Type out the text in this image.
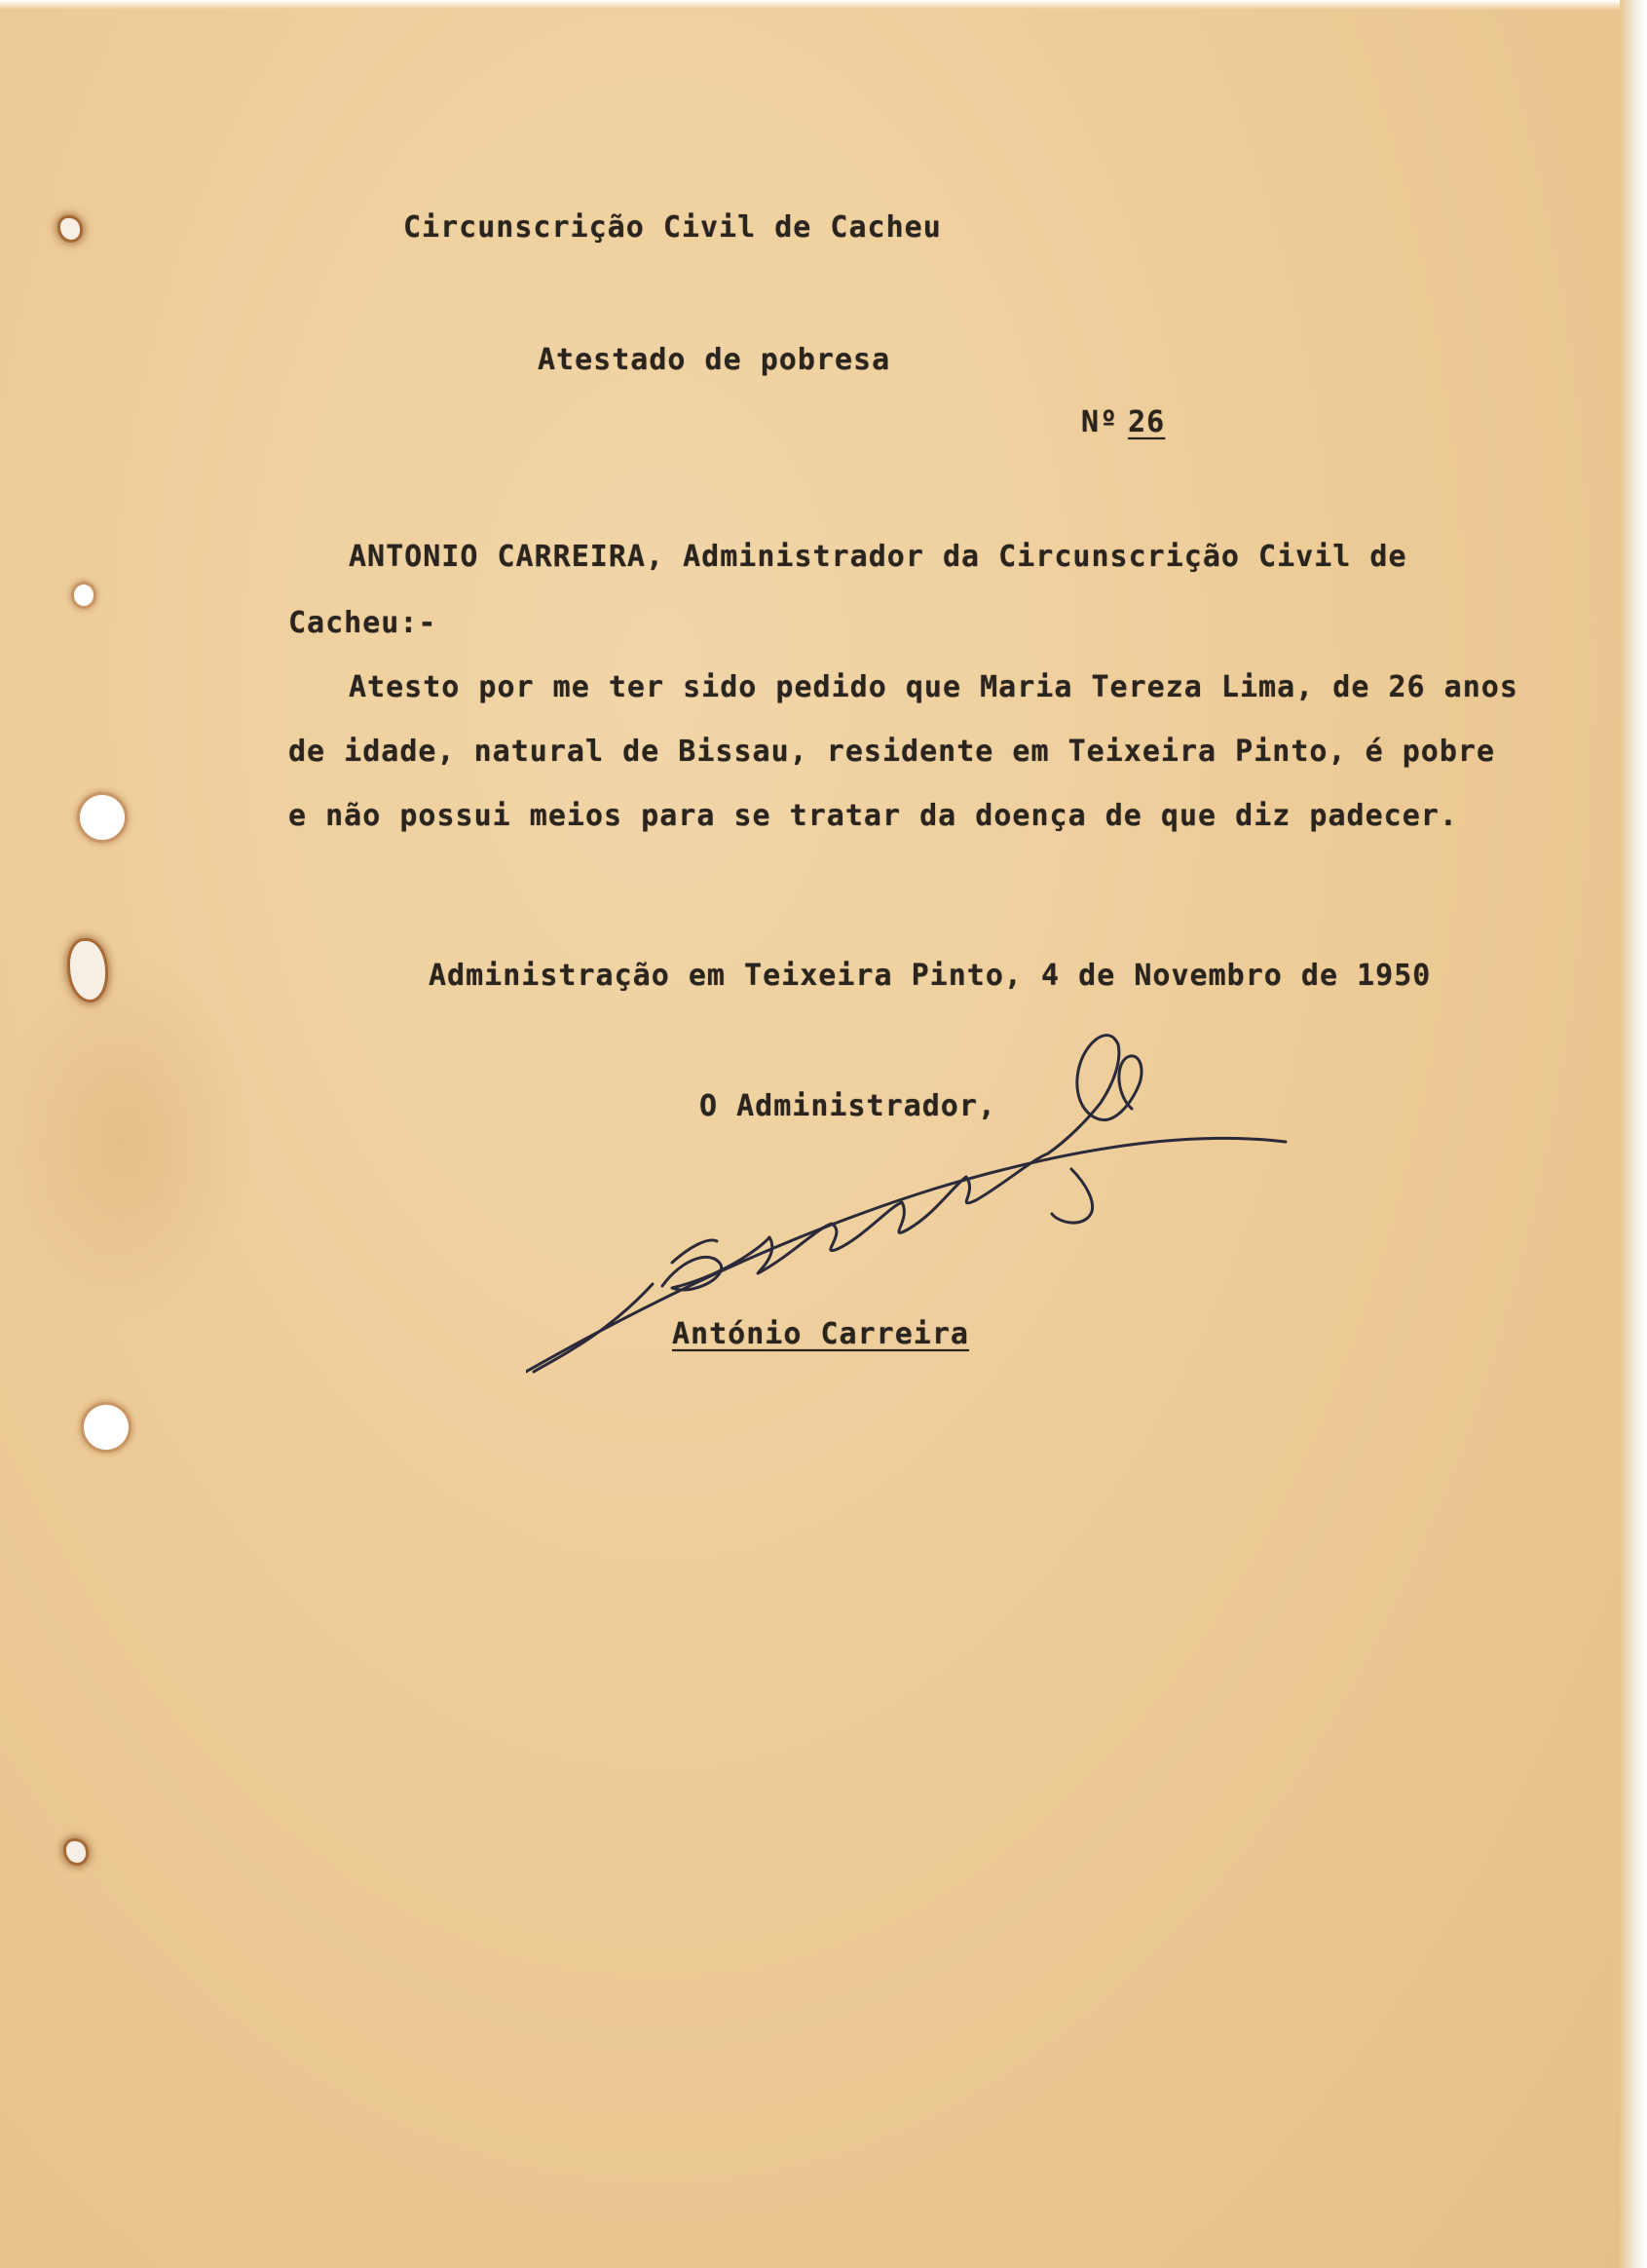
Circunscrição Civil de Cacheu
Atestado de pobresa
Nº 26
ANTONIO CARREIRA, Administrador da Circunscrição Civil de
Cacheu:-
Atesto por me ter sido pedido que Maria Tereza Lima, de 26 anos
de idade, natural de Bissau, residente em Teixeira Pinto, é pobre
e não possui meios para se tratar da doença de que diz padecer.
Administração em Teixeira Pinto, 4 de Novembro de 1950
O Administrador,
António Carreira
